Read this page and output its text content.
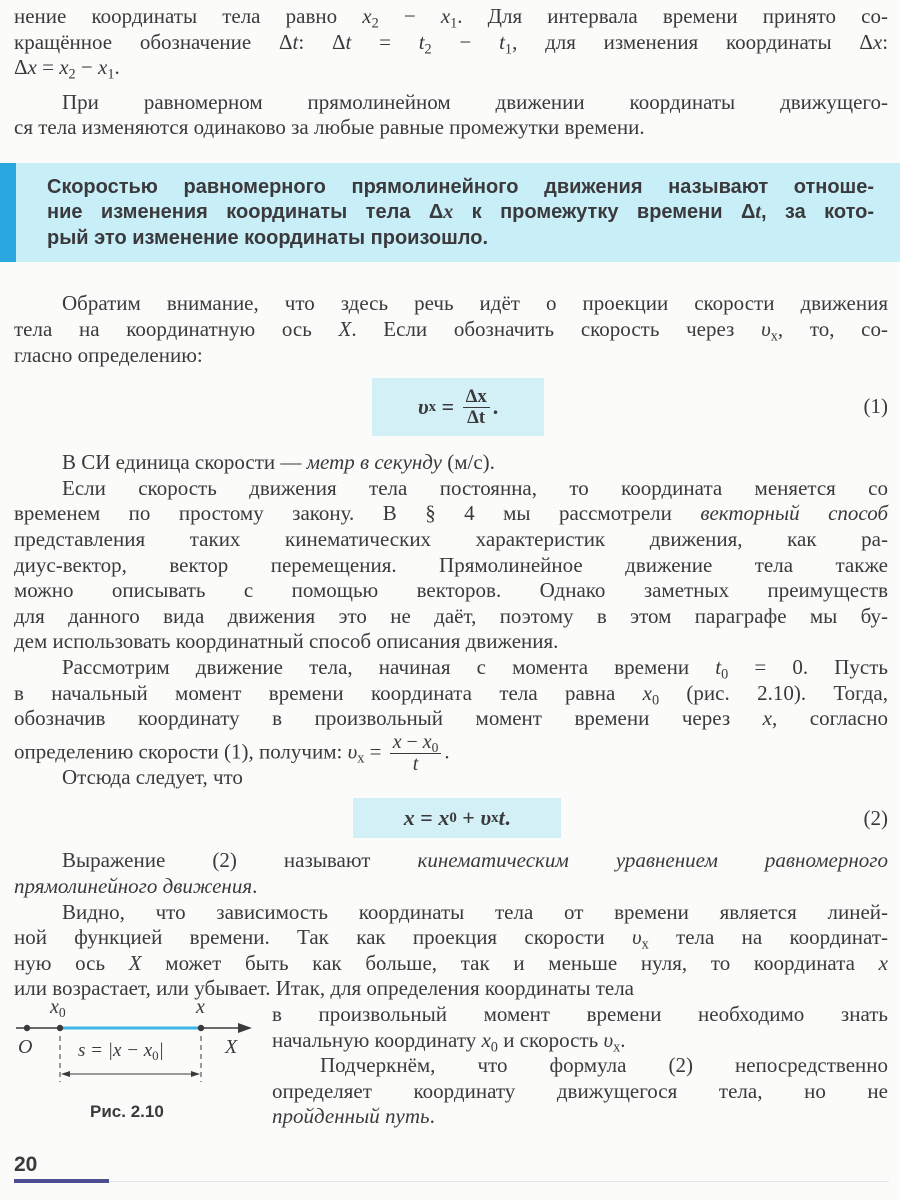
нение координаты тела равно $x_2 - x_1$. Для интервала времени принято со-
кращённое обозначение Δt: $\Delta t = t_2 - t_1$, для изменения координаты Δx:
$\Delta x = x_2 - x_1$.
При равномерном прямолинейном движении координаты движущего-
ся тела изменяются одинаково за любые равные промежутки времени.
Скоростью равномерного прямолинейного движения называют отноше-
ние изменения координаты тела Δx к промежутку времени Δt, за кото-
рый это изменение координаты произошло.
Обратим внимание, что здесь речь идёт о проекции скорости движения
тела на координатную ось X. Если обозначить скорость через $\upsilon_x$, то, со-
гласно определению:
υ $x = \frac{\Delta x}{\Delta t}$ .	(1)
В СИ единица скорости — метр в секунду (м/с).
Если скорость движения тела постоянна, то координата меняется со
временем по простому закону. В § 4 мы рассмотрели векторный способ
представления таких кинематических характеристик движения, как ра-
диус-вектор, вектор перемещения. Прямолинейное движение тела также
можно описывать с помощью векторов. Однако заметных преимуществ
для данного вида движения это не даёт, поэтому в этом параграфе мы бу-
дем использовать координатный способ описания движения.
Рассмотрим движение тела, начиная с момента времени $t_0 = 0$. Пусть
в начальный момент времени координата тела равна $x_0$ (рис. 2.10). Тогда,
обозначив координату в произвольный момент времени через x, согласно
определению скорости (1), получим: $\upsilon_x = \frac{x - x_0}{t}$ .
Отсюда следует, что
x = x 0 + υ x t .	(2)
Выражение (2) называют кинематическим уравнением равномерного
прямолинейного движения.
Видно, что зависимость координаты тела от времени является линей-
ной функцией времени. Так как проекция скорости $\upsilon_x$ тела на координат-
ную ось X может быть как больше, так и меньше нуля, то координата x
или возрастает, или убывает. Итак, для определения координаты тела
$x_0$	x
O	X
$s = |x - x_0|$
Рис. 2.10
в произвольный момент времени необходимо знать
начальную координату $x_0$ и скорость $\upsilon_x$.
Подчеркнём, что формула (2) непосредственно
определяет координату движущегося тела, но не
пройденный путь.
20
